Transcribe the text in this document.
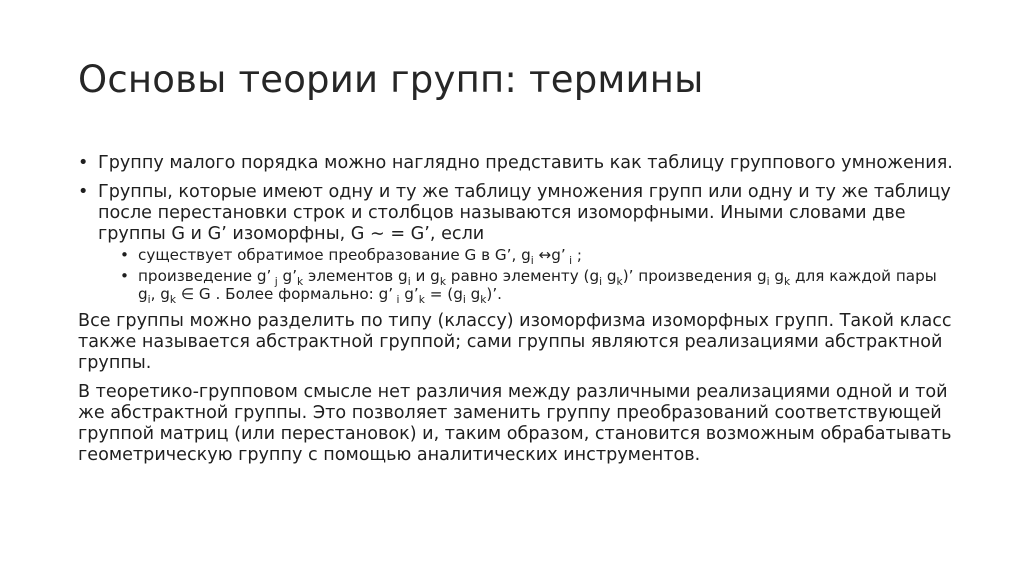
Основы теории групп: термины
• Группу малого порядка можно наглядно представить как таблицу группового умножения.
• Группы, которые имеют одну и ту же таблицу умножения групп или одну и ту же таблицу после перестановки строк и столбцов называются изоморфными. Иными словами две группы G и G’ изоморфны, G ∼ = G’, если
• существует обратимое преобразование G в G’, $g_i$ ↔g’ $_i$ ;
• произведение g’ $_j$ $g’_k$ элементов $g_i$ и $g_k$ равно элементу ($g_i$ $g_k$)’ произведения $g_i$ $g_k$ для каждой пары $g_i$, $g_k$ ∈ G . Более формально: g’ $_i$ $g’_k = (g_i$ $g_k$)’.

Все группы можно разделить по типу (классу) изоморфизма изоморфных групп. Такой класс также называется абстрактной группой; сами группы являются реализациями абстрактной группы.

В теоретико-групповом смысле нет различия между различными реализациями одной и той же абстрактной группы. Это позволяет заменить группу преобразований соответствующей группой матриц (или перестановок) и, таким образом, становится возможным обрабатывать геометрическую группу с помощью аналитических инструментов.
